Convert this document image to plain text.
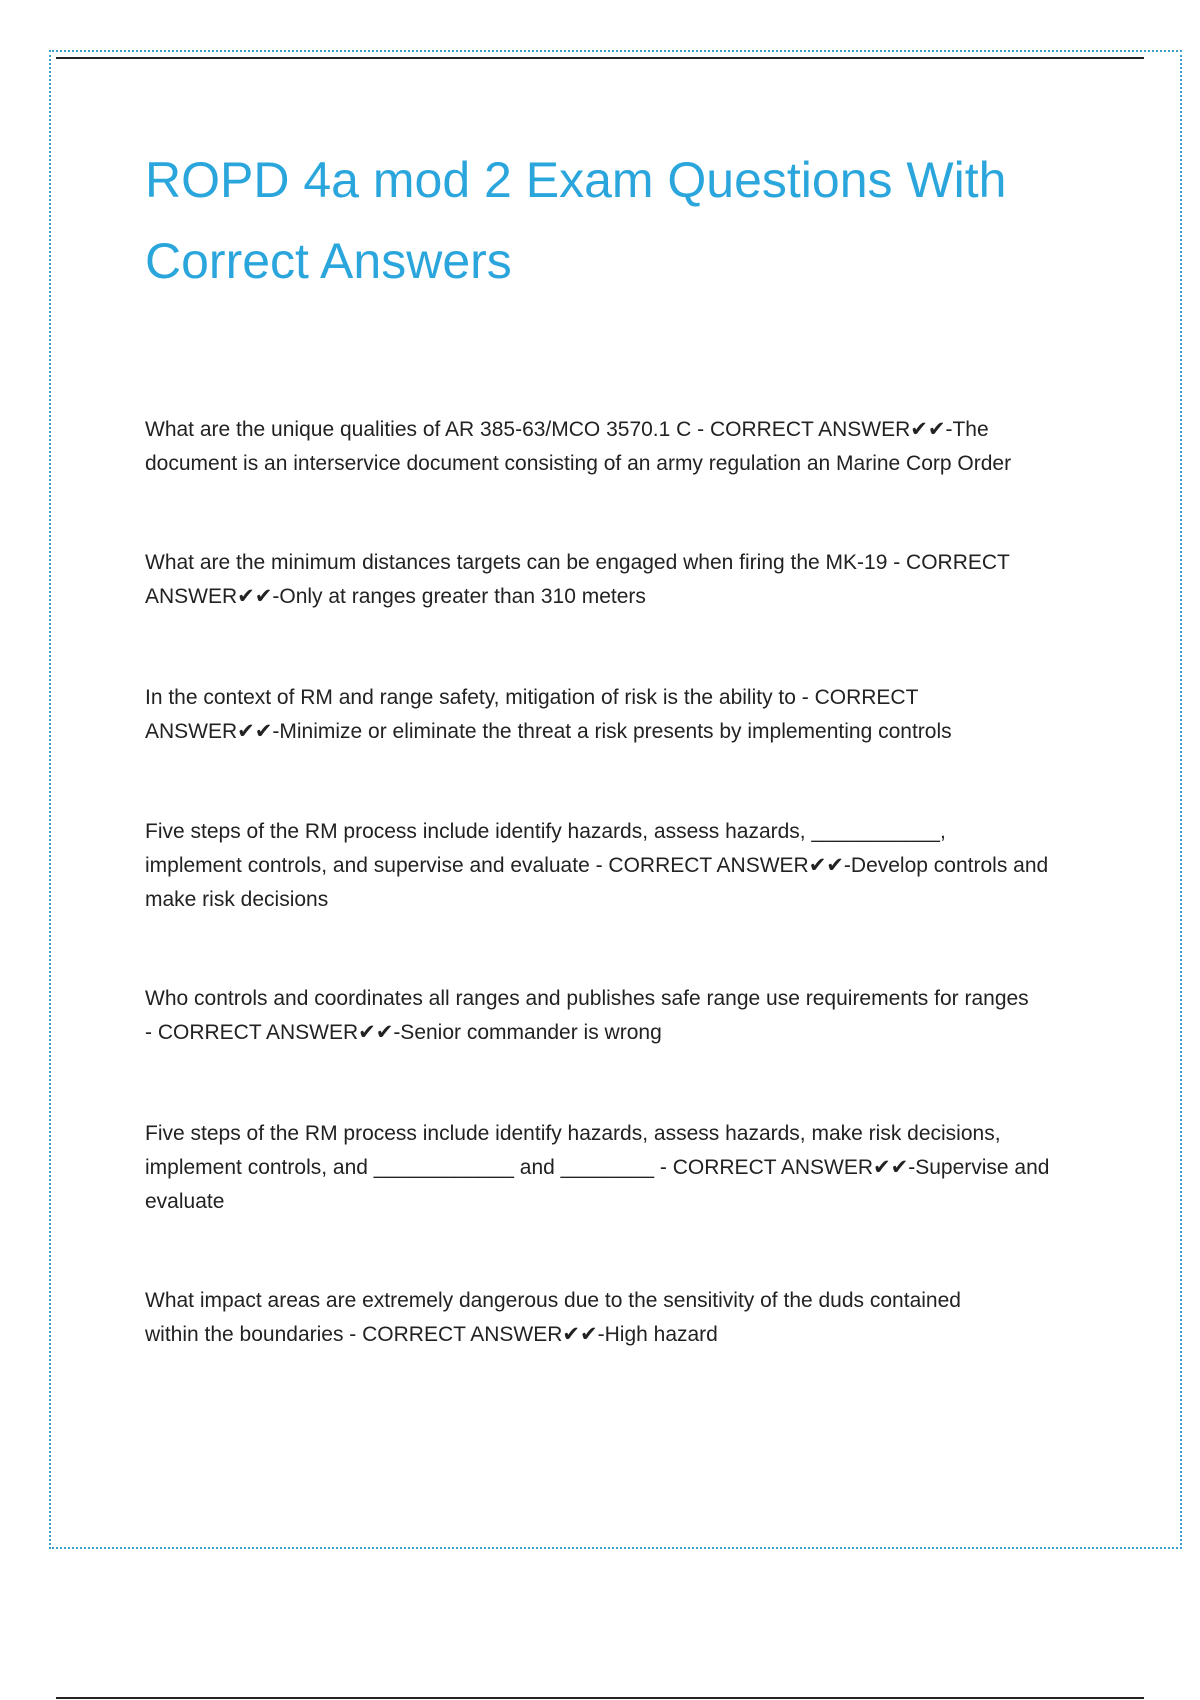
ROPD 4a mod 2 Exam Questions With Correct Answers
What are the unique qualities of AR 385-63/MCO 3570.1 C - CORRECT ANSWER✔✔-The
document is an interservice document consisting of an army regulation an Marine Corp Order
What are the minimum distances targets can be engaged when firing the MK-19 - CORRECT
ANSWER✔✔-Only at ranges greater than 310 meters
In the context of RM and range safety, mitigation of risk is the ability to - CORRECT
ANSWER✔✔-Minimize or eliminate the threat a risk presents by implementing controls
Five steps of the RM process include identify hazards, assess hazards, ___________,
implement controls, and supervise and evaluate - CORRECT ANSWER✔✔-Develop controls and
make risk decisions
Who controls and coordinates all ranges and publishes safe range use requirements for ranges
- CORRECT ANSWER✔✔-Senior commander is wrong
Five steps of the RM process include identify hazards, assess hazards, make risk decisions,
implement controls, and ____________ and ________ - CORRECT ANSWER✔✔-Supervise and
evaluate
What impact areas are extremely dangerous due to the sensitivity of the duds contained
within the boundaries - CORRECT ANSWER✔✔-High hazard
